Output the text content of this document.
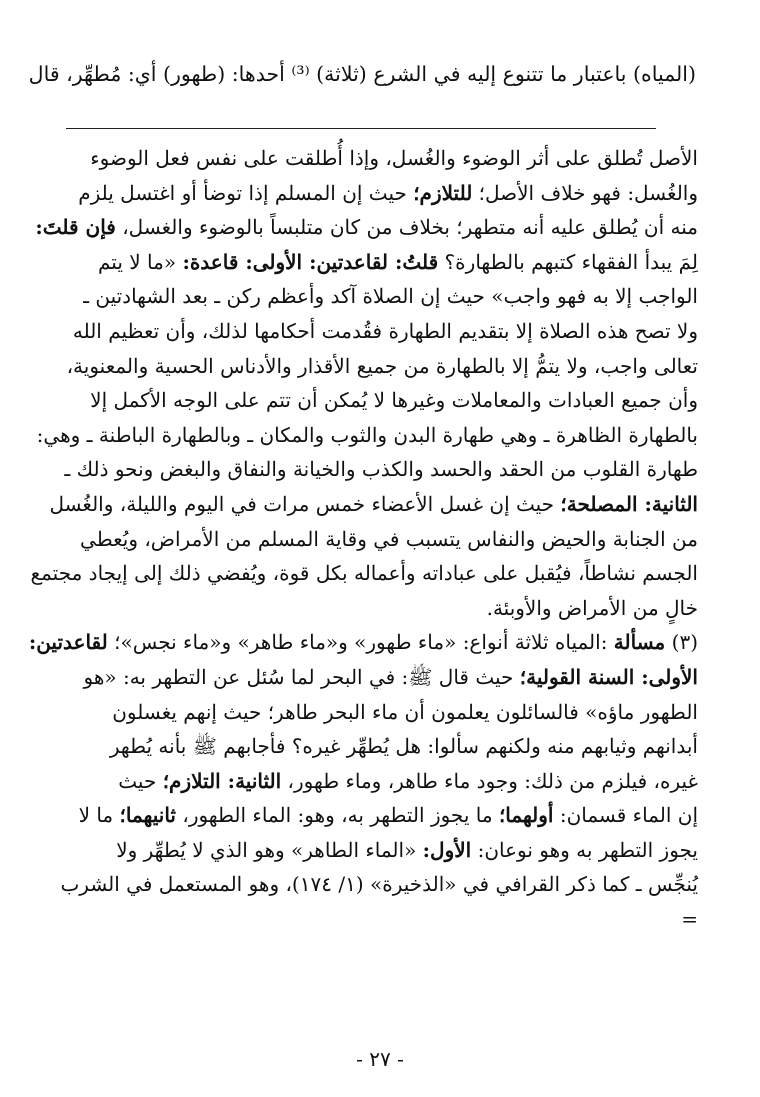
(المياه) باعتبار ما تتنوع إليه في الشرع (ثلاثة) ⁽³⁾ أحدها: (طهور) أي: مُطهِّر، قال
الأصل تُطلق على أثر الوضوء والغُسل، وإذا أُطلقت على نفس فعل الوضوء
والغُسل: فهو خلاف الأصل؛ للتلازم؛ حيث إن المسلم إذا توضأ أو اغتسل يلزم
منه أن يُطلق عليه أنه متطهر؛ بخلاف من كان متلبساً بالوضوء والغسل، فإن قلتَ:
لِمَ يبدأ الفقهاء كتبهم بالطهارة؟ قلتُ: لقاعدتين: الأولى: قاعدة: «ما لا يتم
الواجب إلا به فهو واجب» حيث إن الصلاة آكد وأعظم ركن ـ بعد الشهادتين ـ
ولا تصح هذه الصلاة إلا بتقديم الطهارة فقُدمت أحكامها لذلك، وأن تعظيم الله
تعالى واجب، ولا يتمُّ إلا بالطهارة من جميع الأقذار والأدناس الحسية والمعنوية،
وأن جميع العبادات والمعاملات وغيرها لا يُمكن أن تتم على الوجه الأكمل إلا
بالطهارة الظاهرة ـ وهي طهارة البدن والثوب والمكان ـ وبالطهارة الباطنة ـ وهي:
طهارة القلوب من الحقد والحسد والكذب والخيانة والنفاق والبغض ونحو ذلك ـ
الثانية: المصلحة؛ حيث إن غسل الأعضاء خمس مرات في اليوم والليلة، والغُسل
من الجنابة والحيض والنفاس يتسبب في وقاية المسلم من الأمراض، ويُعطي
الجسم نشاطاً، فيُقبل على عباداته وأعماله بكل قوة، ويُفضي ذلك إلى إيجاد مجتمع
خالٍ من الأمراض والأوبئة.
(٣) مسألة :المياه ثلاثة أنواع: «ماء طهور» و«ماء طاهر» و«ماء نجس»؛ لقاعدتين:
الأولى: السنة القولية؛ حيث قال ﷺ: في البحر لما سُئل عن التطهر به: «هو
الطهور ماؤه» فالسائلون يعلمون أن ماء البحر طاهر؛ حيث إنهم يغسلون
أبدانهم وثيابهم منه ولكنهم سألوا: هل يُطهِّر غيره؟ فأجابهم ﷺ بأنه يُطهر
غيره، فيلزم من ذلك: وجود ماء طاهر، وماء طهور، الثانية: التلازم؛ حيث
إن الماء قسمان: أولهما؛ ما يجوز التطهر به، وهو: الماء الطهور، ثانيهما؛ ما لا
يجوز التطهر به وهو نوعان: الأول: «الماء الطاهر» وهو الذي لا يُطهِّر ولا
يُنجِّس ـ كما ذكر القرافي في «الذخيرة» (١/ ١٧٤)، وهو المستعمل في الشرب
=
- ٢٧ -
